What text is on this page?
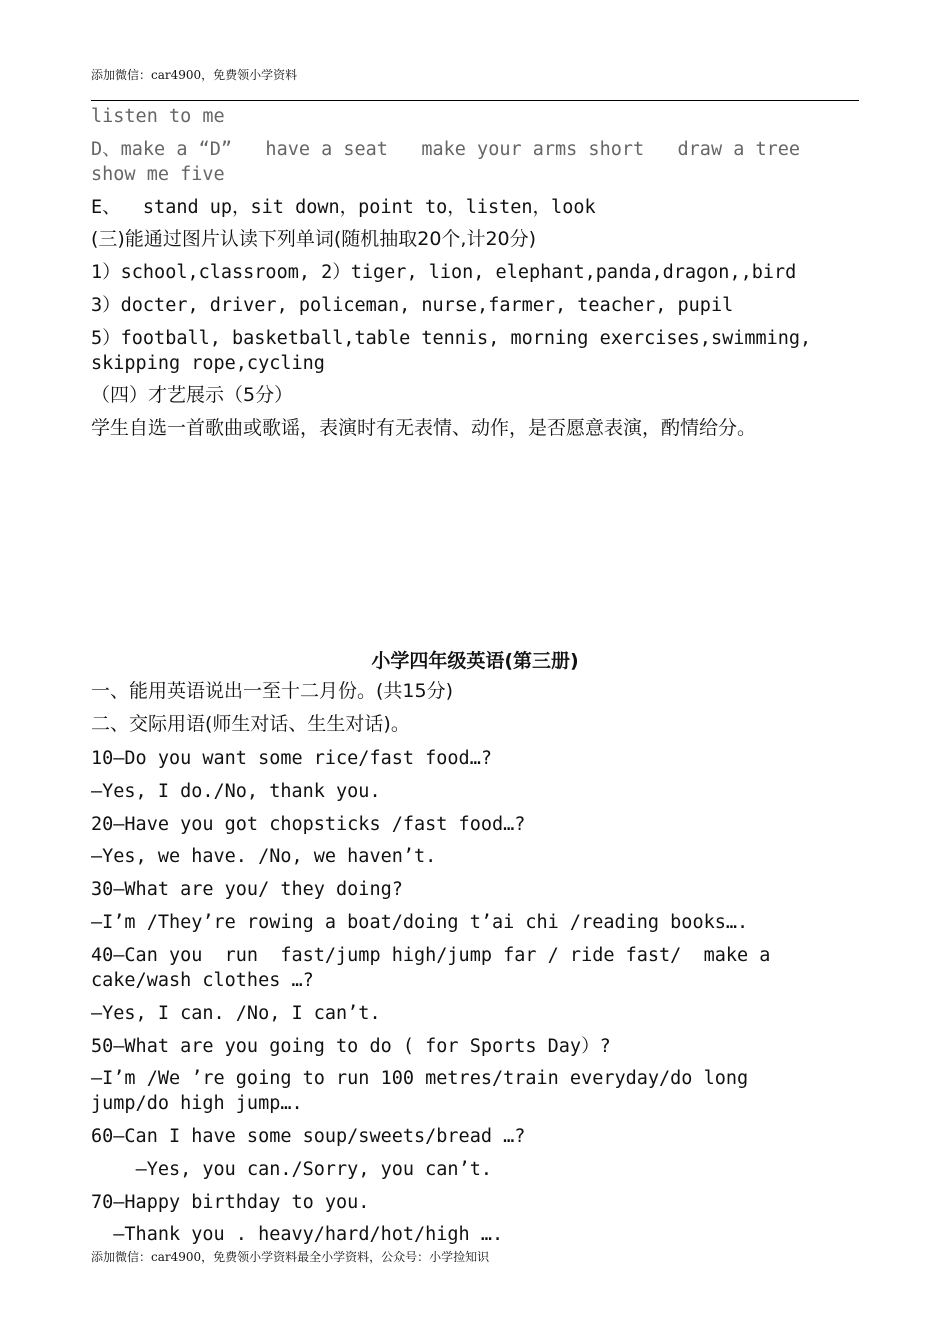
添加微信：car4900，免费领小学资料
listen to me
D、make a “D”   have a seat   make your arms short   draw a tree
show me five
E、  stand up，sit down，point to，listen，look
(三)能通过图片认读下列单词(随机抽取20个,计20分)
1）school,classroom, 2）tiger, lion, elephant,panda,dragon,,bird
3）docter, driver, policeman, nurse,farmer, teacher, pupil
5）football, basketball,table tennis, morning exercises,swimming,
skipping rope,cycling
（四）才艺展示（5分）
学生自选一首歌曲或歌谣，表演时有无表情、动作，是否愿意表演，酌情给分。
小学四年级英语(第三册)
一、能用英语说出一至十二月份。(共15分)
二、交际用语(师生对话、生生对话)。
10—Do you want some rice/fast food…?
—Yes, I do./No, thank you.
20—Have you got chopsticks /fast food…?
—Yes, we have. /No, we haven’t.
30—What are you/ they doing?
—I’m /They’re rowing a boat/doing t’ai chi /reading books….
40—Can you  run  fast/jump high/jump far / ride fast/  make a
cake/wash clothes …?
—Yes, I can. /No, I can’t.
50—What are you going to do ( for Sports Day）?
—I’m /We ’re going to run 100 metres/train everyday/do long
jump/do high jump….
60—Can I have some soup/sweets/bread …?
—Yes, you can./Sorry, you can’t.
70—Happy birthday to you.
—Thank you . heavy/hard/hot/high ….
添加微信：car4900，免费领小学资料最全小学资料，公众号：小学捡知识
